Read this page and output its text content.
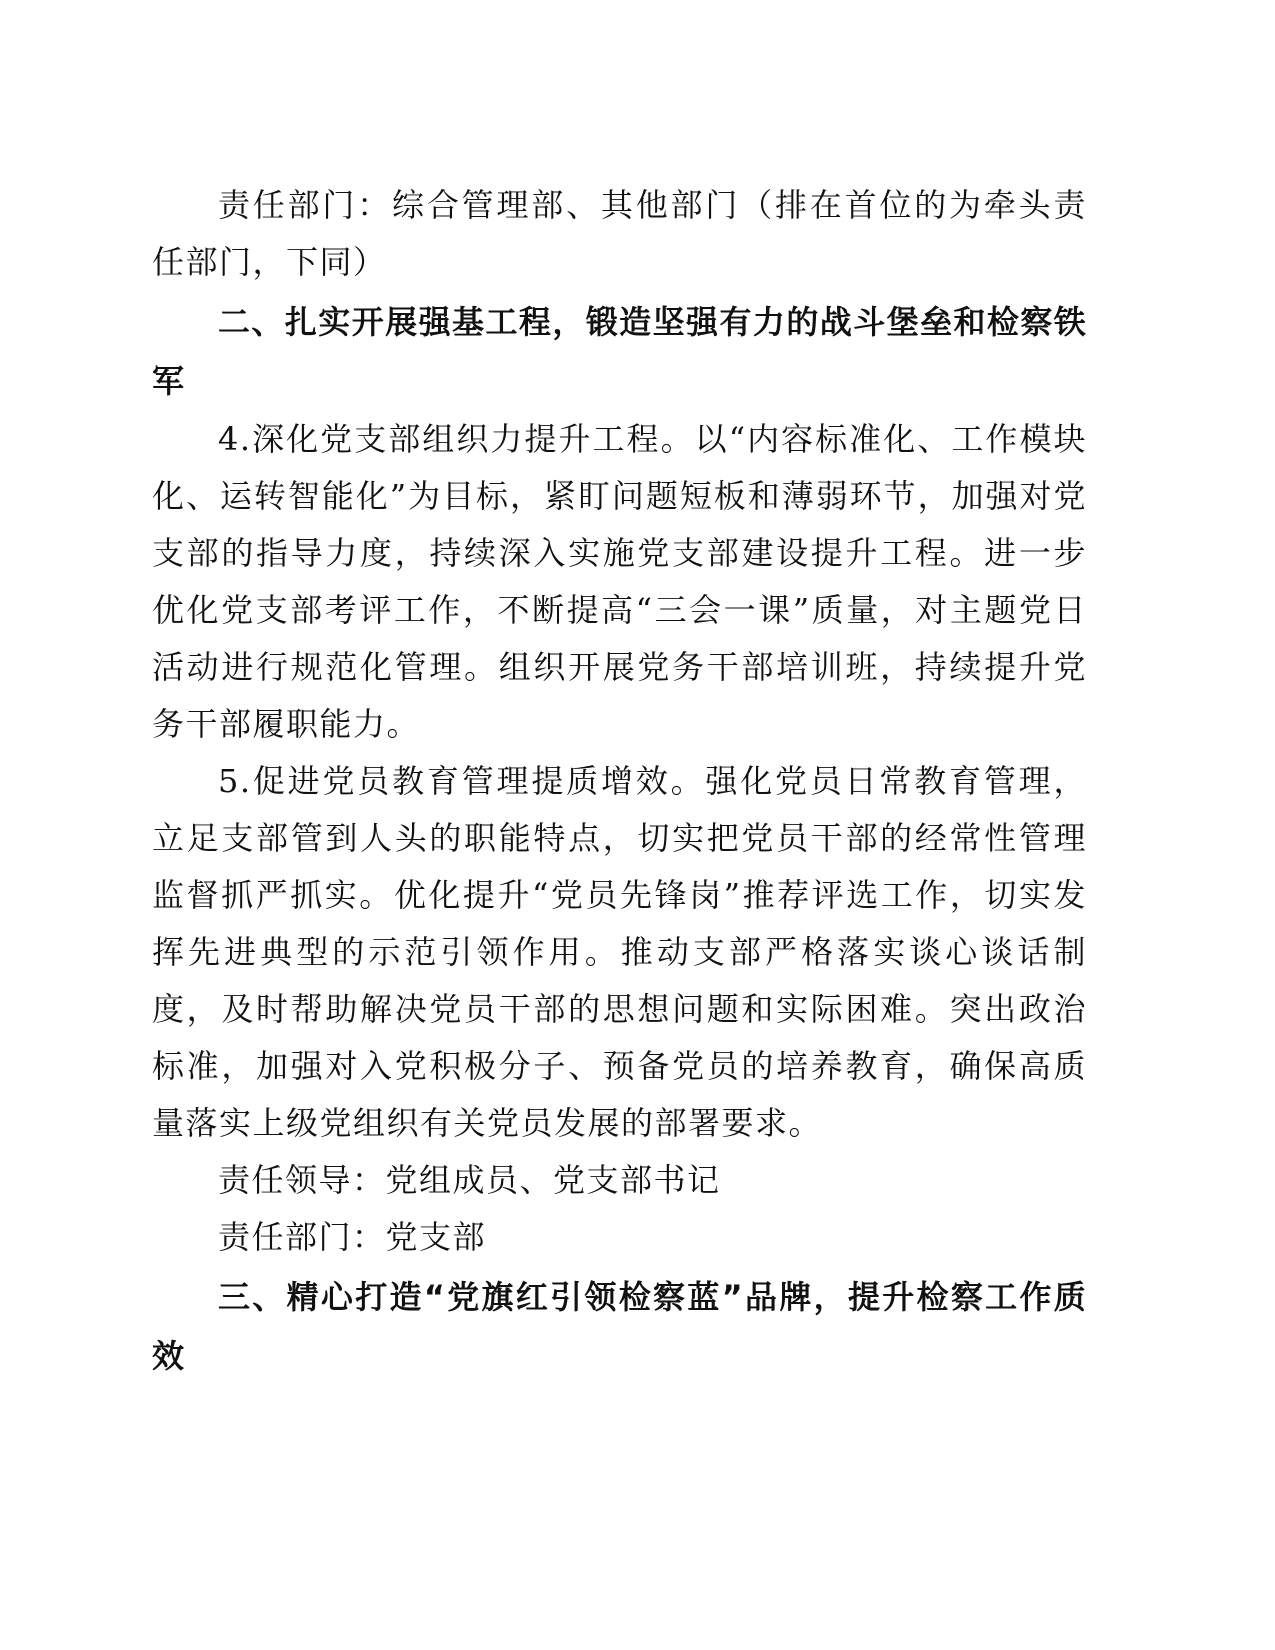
责任部门：综合管理部、其他部门（排在首位的为牵头责任部门，下同）

二、扎实开展强基工程，锻造坚强有力的战斗堡垒和检察铁军

4.深化党支部组织力提升工程。以“内容标准化、工作模块化、运转智能化”为目标，紧盯问题短板和薄弱环节，加强对党支部的指导力度，持续深入实施党支部建设提升工程。进一步优化党支部考评工作，不断提高“三会一课”质量，对主题党日活动进行规范化管理。组织开展党务干部培训班，持续提升党务干部履职能力。

5.促进党员教育管理提质增效。强化党员日常教育管理，立足支部管到人头的职能特点，切实把党员干部的经常性管理监督抓严抓实。优化提升“党员先锋岗”推荐评选工作，切实发挥先进典型的示范引领作用。推动支部严格落实谈心谈话制度，及时帮助解决党员干部的思想问题和实际困难。突出政治标准，加强对入党积极分子、预备党员的培养教育，确保高质量落实上级党组织有关党员发展的部署要求。

责任领导：党组成员、党支部书记

责任部门：党支部

三、精心打造“党旗红引领检察蓝”品牌，提升检察工作质效
